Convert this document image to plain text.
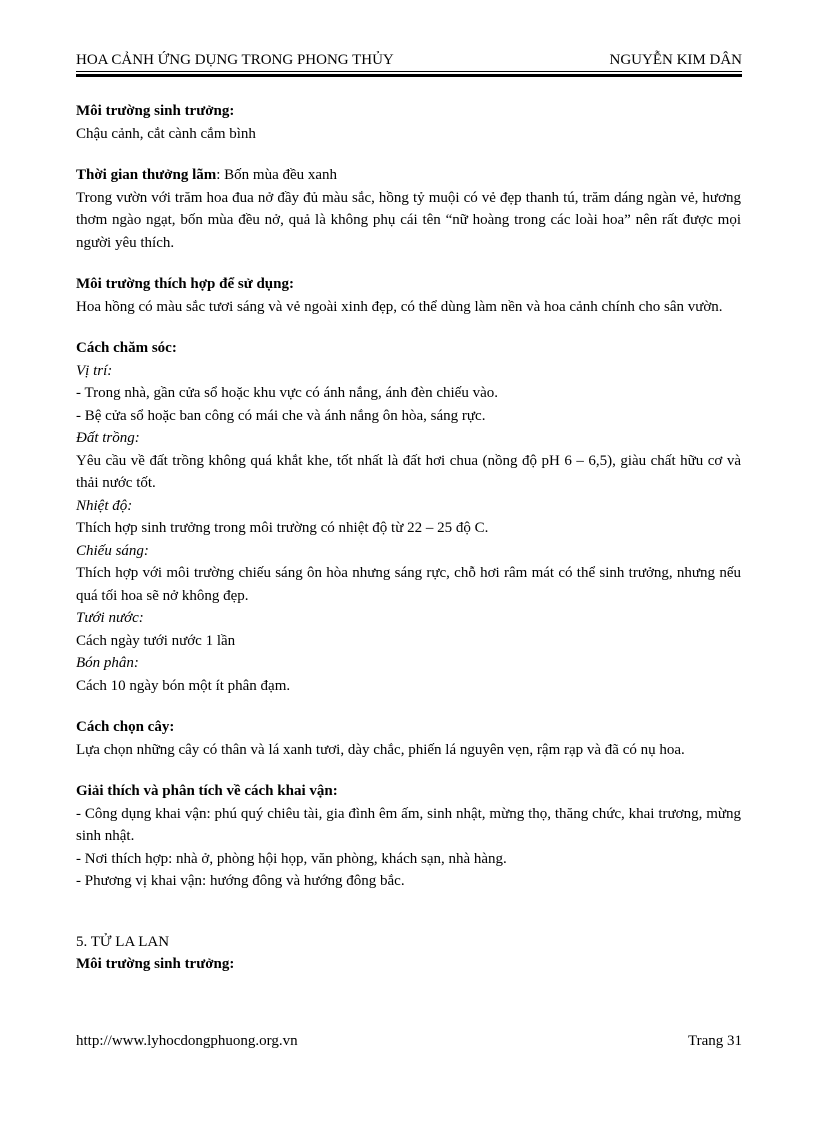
HOA CẢNH ỨNG DỤNG TRONG PHONG THỦY	NGUYỄN KIM DÂN

Môi trường sinh trưởng:

Chậu cảnh, cắt cành cắm bình

Thời gian thưởng lãm: Bốn mùa đều xanh

Trong vườn với trăm hoa đua nở đầy đủ màu sắc, hồng tỷ muội có vẻ đẹp thanh tú, trăm dáng ngàn vẻ, hương thơm ngào ngạt, bốn mùa đều nở, quả là không phụ cái tên “nữ hoàng trong các loài hoa” nên rất được mọi người yêu thích.

Môi trường thích hợp để sử dụng:

Hoa hồng có màu sắc tươi sáng và vẻ ngoài xinh đẹp, có thể dùng làm nền và hoa cảnh chính cho sân vườn.

Cách chăm sóc:

Vị trí:

- Trong nhà, gần cửa sổ hoặc khu vực có ánh nắng, ánh đèn chiếu vào.

- Bệ cửa sổ hoặc ban công có mái che và ánh nắng ôn hòa, sáng rực.

Đất trồng:

Yêu cầu về đất trồng không quá khắt khe, tốt nhất là đất hơi chua (nồng độ pH 6 – 6,5), giàu chất hữu cơ và thải nước tốt.

Nhiệt độ:

Thích hợp sinh trưởng trong môi trường có nhiệt độ từ 22 – 25 độ C.

Chiếu sáng:

Thích hợp với môi trường chiếu sáng ôn hòa nhưng sáng rực, chỗ hơi râm mát có thể sinh trưởng, nhưng nếu quá tối hoa sẽ nở không đẹp.

Tưới nước:

Cách ngày tưới nước 1 lần

Bón phân:

Cách 10 ngày bón một ít phân đạm.

Cách chọn cây:

Lựa chọn những cây có thân và lá xanh tươi, dày chắc, phiến lá nguyên vẹn, rậm rạp và đã có nụ hoa.

Giải thích và phân tích về cách khai vận:

- Công dụng khai vận: phú quý chiêu tài, gia đình êm ấm, sinh nhật, mừng thọ, thăng chức, khai trương, mừng sinh nhật.

- Nơi thích hợp: nhà ở, phòng hội họp, văn phòng, khách sạn, nhà hàng.

- Phương vị khai vận: hướng đông và hướng đông bắc.

5. TỬ LA LAN

Môi trường sinh trưởng:

http://www.lyhocdongphuong.org.vn	Trang 31
